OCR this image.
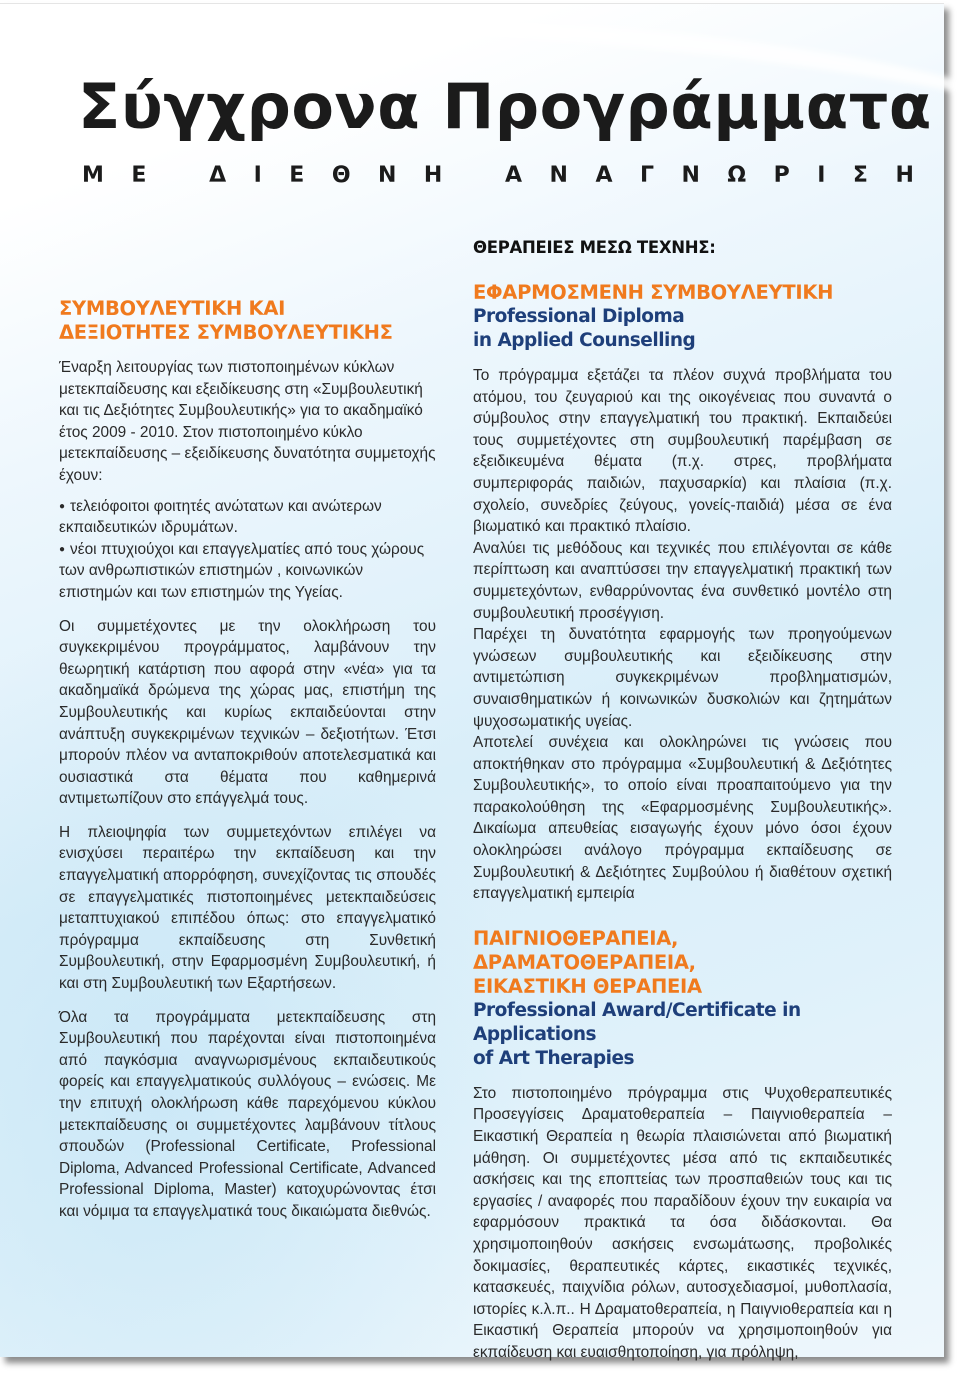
Σύγχρονα Προγράμματα
ΜΕ ΔΙΕΘΝΗ ΑΝΑΓΝΩΡΙΣΗ
ΣΥΜΒΟΥΛΕΥΤΙΚΗ ΚΑΙ
ΔΕΞΙΟΤΗΤΕΣ ΣΥΜΒΟΥΛΕΥΤΙΚΗΣ

Έναρξη λειτουργίας των πιστοποιημένων κύκλων μετεκπαίδευσης και εξειδίκευσης στη «Συμβουλευτική και τις Δεξιότητες Συμβουλευτικής» για το ακαδημαϊκό έτος 2009 - 2010. Στον πιστοποιημένο κύκλο μετεκπαίδευσης – εξειδίκευσης δυνατότητα συμμετοχής έχουν:

● τελειόφοιτοι φοιτητές ανώτατων και ανώτερων εκπαιδευτικών ιδρυμάτων.

● νέοι πτυχιούχοι και επαγγελματίες από τους χώρους των ανθρωπιστικών επιστημών , κοινωνικών επιστημών και των επιστημών της Υγείας.

Οι συμμετέχοντες με την ολοκλήρωση του συγκεκριμένου προγράμματος, λαμβάνουν την θεωρητική κατάρτιση που αφορά στην «νέα» για τα ακαδημαϊκά δρώμενα της χώρας μας, επιστήμη της Συμβουλευτικής και κυρίως εκπαιδεύονται στην ανάπτυξη συγκεκριμένων τεχνικών – δεξιοτήτων. Έτσι μπορούν πλέον να ανταποκριθούν αποτελεσματικά και ουσιαστικά στα θέματα που καθημερινά αντιμετωπίζουν στο επάγγελμά τους.

Η πλειοψηφία των συμμετεχόντων επιλέγει να ενισχύσει περαιτέρω την εκπαίδευση και την επαγγελματική απορρόφηση, συνεχίζοντας τις σπουδές σε επαγγελματικές πιστοποιημένες μετεκπαιδεύσεις μεταπτυχιακού επιπέδου όπως: στο επαγγελματικό πρόγραμμα εκπαίδευσης στη Συνθετική Συμβουλευτική, στην Εφαρμοσμένη Συμβουλευτική, ή και στη Συμβουλευτική των Εξαρτήσεων.

Όλα τα προγράμματα μετεκπαίδευσης στη Συμβουλευτική που παρέχονται είναι πιστοποιημένα από παγκόσμια αναγνωρισμένους εκπαιδευτικούς φορείς και επαγγελματικούς συλλόγους – ενώσεις. Με την επιτυχή ολοκλήρωση κάθε παρεχόμενου κύκλου μετεκπαίδευσης οι συμμετέχοντες λαμβάνουν τίτλους σπουδών (Professional Certificate, Professional Diploma, Advanced Professional Certificate, Advanced Professional Diploma, Master) κατοχυρώνοντας έτσι και νόμιμα τα επαγγελματικά τους δικαιώματα διεθνώς.

ΘΕΡΑΠΕΙΕΣ ΜΕΣΩ ΤΕΧΝΗΣ:
ΕΦΑΡΜΟΣΜΕΝΗ ΣΥΜΒΟΥΛΕΥΤΙΚΗ
Professional Diploma
in Applied Counselling

Το πρόγραμμα εξετάζει τα πλέον συχνά προβλήματα του ατόμου, του ζευγαριού και της οικογένειας που συναντά ο σύμβουλος στην επαγγελματική του πρακτική. Εκπαιδεύει τους συμμετέχοντες στη συμβουλευτική παρέμβαση σε εξειδικευμένα θέματα (π.χ. στρες, προβλήματα συμπεριφοράς παιδιών, παχυσαρκία) και πλαίσια (π.χ. σχολείο, συνεδρίες ζεύγους, γονείς-παιδιά) μέσα σε ένα βιωματικό και πρακτικό πλαίσιο.

Αναλύει τις μεθόδους και τεχνικές που επιλέγονται σε κάθε περίπτωση και αναπτύσσει την επαγγελματική πρακτική των συμμετεχόντων, ενθαρρύνοντας ένα συνθετικό μοντέλο στη συμβουλευτική προσέγγιση.

Παρέχει τη δυνατότητα εφαρμογής των προηγούμενων γνώσεων συμβουλευτικής και εξειδίκευσης στην αντιμετώπιση συγκεκριμένων προβληματισμών, συναισθηματικών ή κοινωνικών δυσκολιών και ζητημάτων ψυχοσωματικής υγείας.

Αποτελεί συνέχεια και ολοκληρώνει τις γνώσεις που αποκτήθηκαν στο πρόγραμμα «Συμβουλευτική & Δεξιότητες Συμβουλευτικής», το οποίο είναι προαπαιτούμενο για την παρακολούθηση της «Εφαρμοσμένης Συμβουλευτικής». Δικαίωμα απευθείας εισαγωγής έχουν μόνο όσοι έχουν ολοκληρώσει ανάλογο πρόγραμμα εκπαίδευσης σε Συμβουλευτική & Δεξιότητες Συμβούλου ή διαθέτουν σχετική επαγγελματική εμπειρία

ΠΑΙΓΝΙΟΘΕΡΑΠΕΙΑ, ΔΡΑΜΑΤΟΘΕΡΑΠΕΙΑ,
ΕΙΚΑΣΤΙΚΗ ΘΕΡΑΠΕΙΑ
Professional Award/Certificate in Applications
of Art Therapies

Στο πιστοποιημένο πρόγραμμα στις Ψυχοθεραπευτικές Προσεγγίσεις Δραματοθεραπεία – Παιγνιοθεραπεία – Εικαστική Θεραπεία η θεωρία πλαισιώνεται από βιωματική μάθηση. Οι συμμετέχοντες μέσα από τις εκπαιδευτικές ασκήσεις και της εποπτείας των προσπαθειών τους και τις εργασίες / αναφορές που παραδίδουν έχουν την ευκαιρία να εφαρμόσουν πρακτικά τα όσα διδάσκονται. Θα χρησιμοποιηθούν ασκήσεις ενσωμάτωσης, προβολικές δοκιμασίες, θεραπευτικές κάρτες, εικαστικές τεχνικές, κατασκευές, παιχνίδια ρόλων, αυτοσχεδιασμοί, μυθοπλασία, ιστορίες κ.λ.π.. Η Δραματοθεραπεία, η Παιγνιοθεραπεία και η Εικαστική Θεραπεία μπορούν να χρησιμοποιηθούν για εκπαίδευση και ευαισθητοποίηση, για πρόληψη,
